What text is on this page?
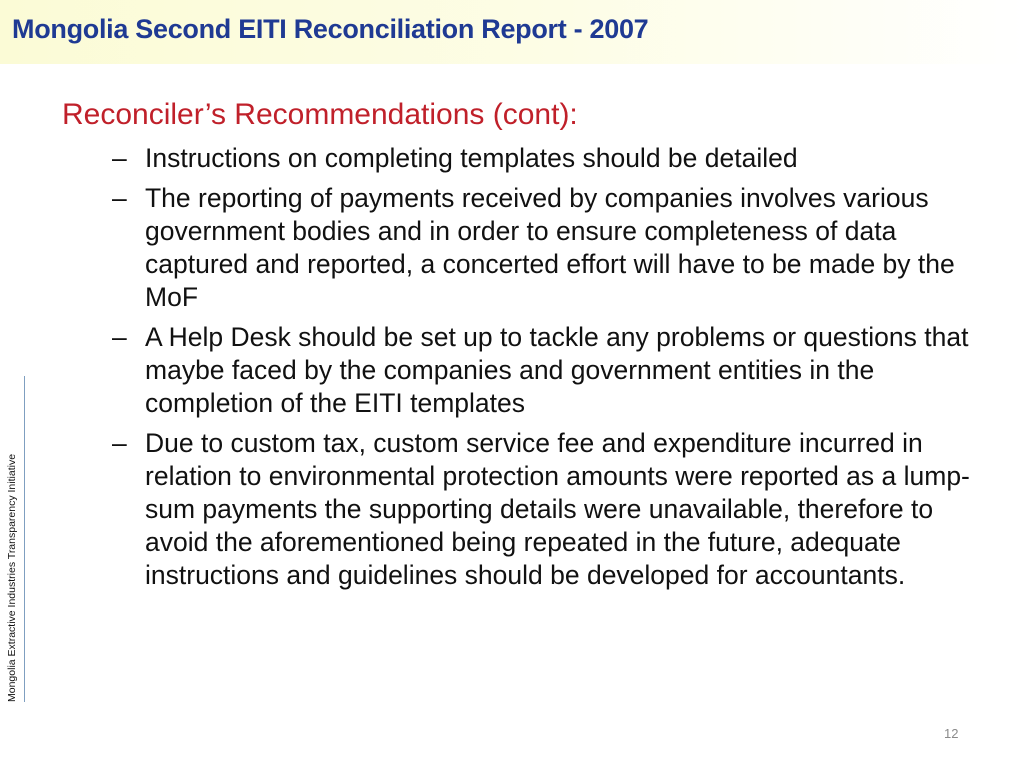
Mongolia Second EITI Reconciliation Report - 2007
Reconciler’s Recommendations (cont):
– Instructions on completing templates should be detailed
– The reporting of payments received by companies involves various government bodies and in order to ensure completeness of data captured and reported, a concerted effort will have to be made by the MoF
– A Help Desk should be set up to tackle any problems or questions that maybe faced by the companies and government entities in the completion of the EITI templates
– Due to custom tax, custom service fee and expenditure incurred in relation to environmental protection amounts were reported as a lump-sum payments the supporting details were unavailable, therefore to avoid the aforementioned being repeated in the future, adequate instructions and guidelines should be developed for accountants.
Mongolia Extractive Industries Transparency Initiative
12
